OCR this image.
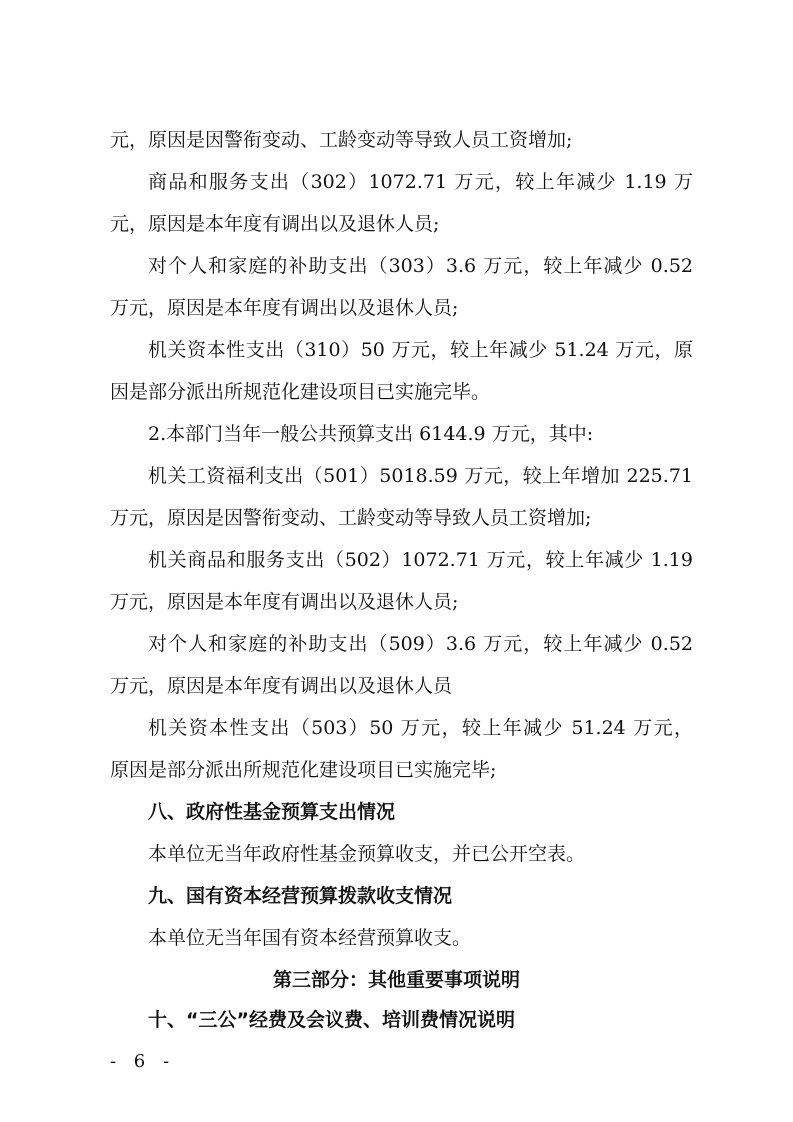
元，原因是因警衔变动、工龄变动等导致人员工资增加;
商品和服务支出（302）1072.71 万元，较上年减少 1.19 万
元，原因是本年度有调出以及退休人员;
对个人和家庭的补助支出（303）3.6 万元，较上年减少 0.52
万元，原因是本年度有调出以及退休人员;
机关资本性支出（310）50 万元，较上年减少 51.24 万元，原
因是部分派出所规范化建设项目已实施完毕。
2.本部门当年一般公共预算支出 6144.9 万元，其中:
机关工资福利支出（501）5018.59 万元，较上年增加 225.71
万元，原因是因警衔变动、工龄变动等导致人员工资增加;
机关商品和服务支出（502）1072.71 万元，较上年减少 1.19
万元，原因是本年度有调出以及退休人员;
对个人和家庭的补助支出（509）3.6 万元，较上年减少 0.52
万元，原因是本年度有调出以及退休人员
机关资本性支出（503）50 万元，较上年减少 51.24 万元，
原因是部分派出所规范化建设项目已实施完毕;
八、政府性基金预算支出情况
本单位无当年政府性基金预算收支，并已公开空表。
九、国有资本经营预算拨款收支情况
本单位无当年国有资本经营预算收支。
第三部分：其他重要事项说明
十、“三公”经费及会议费、培训费情况说明
- 6 -
